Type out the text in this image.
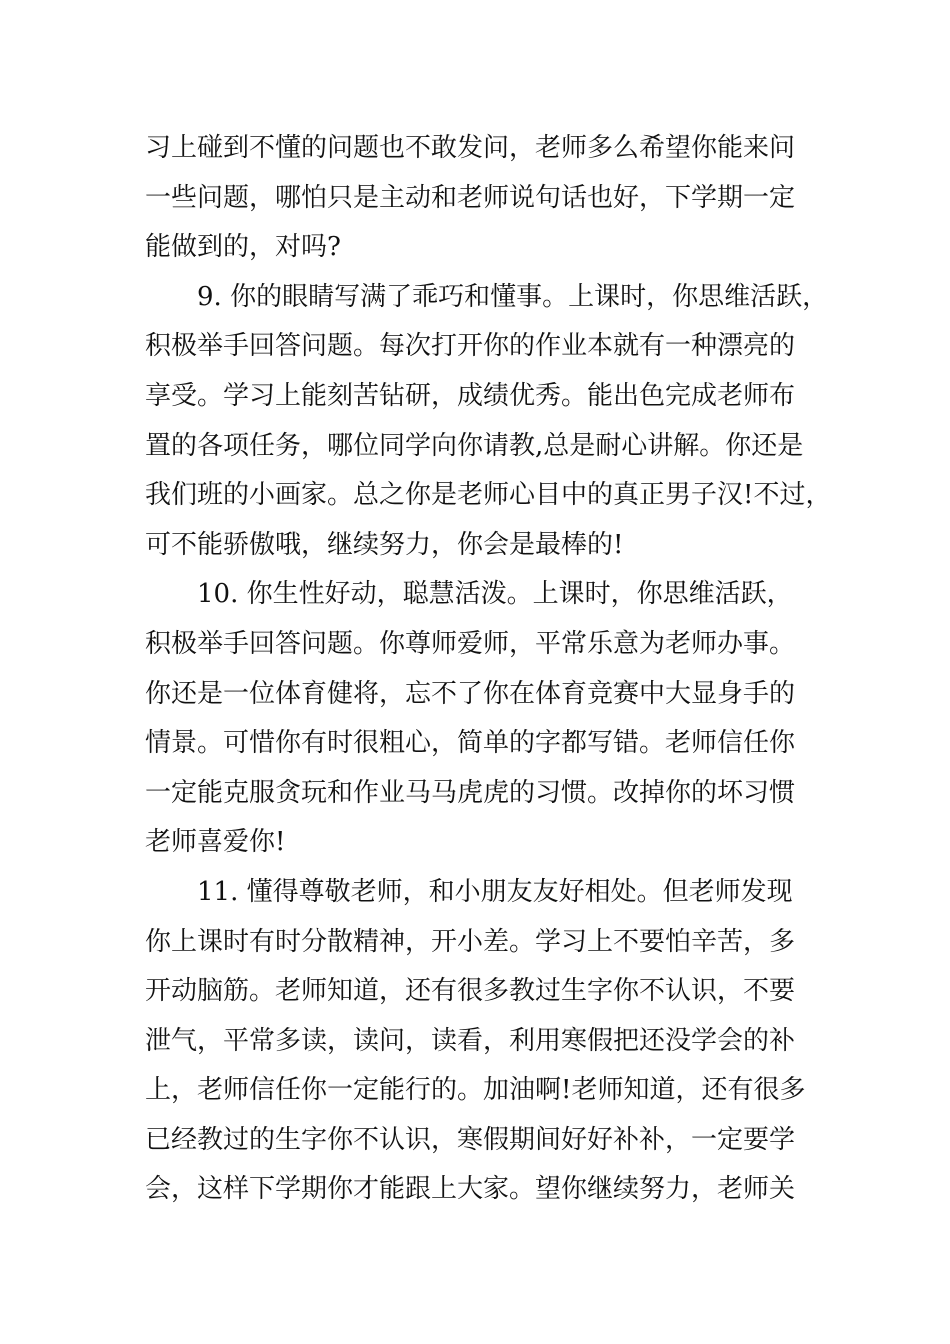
习上碰到不懂的问题也不敢发问，老师多么希望你能来问
一些问题，哪怕只是主动和老师说句话也好，下学期一定
能做到的，对吗?
9. 你的眼睛写满了乖巧和懂事。上课时，你思维活跃，
积极举手回答问题。每次打开你的作业本就有一种漂亮的
享受。学习上能刻苦钻研，成绩优秀。能出色完成老师布
置的各项任务，哪位同学向你请教,总是耐心讲解。你还是
我们班的小画家。总之你是老师心目中的真正男子汉!不过，
可不能骄傲哦，继续努力，你会是最棒的!
10. 你生性好动，聪慧活泼。上课时，你思维活跃，
积极举手回答问题。你尊师爱师，平常乐意为老师办事。
你还是一位体育健将，忘不了你在体育竞赛中大显身手的
情景。可惜你有时很粗心，简单的字都写错。老师信任你
一定能克服贪玩和作业马马虎虎的习惯。改掉你的坏习惯
老师喜爱你!
11. 懂得尊敬老师，和小朋友友好相处。但老师发现
你上课时有时分散精神，开小差。学习上不要怕辛苦，多
开动脑筋。老师知道，还有很多教过生字你不认识，不要
泄气，平常多读，读问，读看，利用寒假把还没学会的补
上，老师信任你一定能行的。加油啊!老师知道，还有很多
已经教过的生字你不认识，寒假期间好好补补，一定要学
会，这样下学期你才能跟上大家。望你继续努力，老师关
